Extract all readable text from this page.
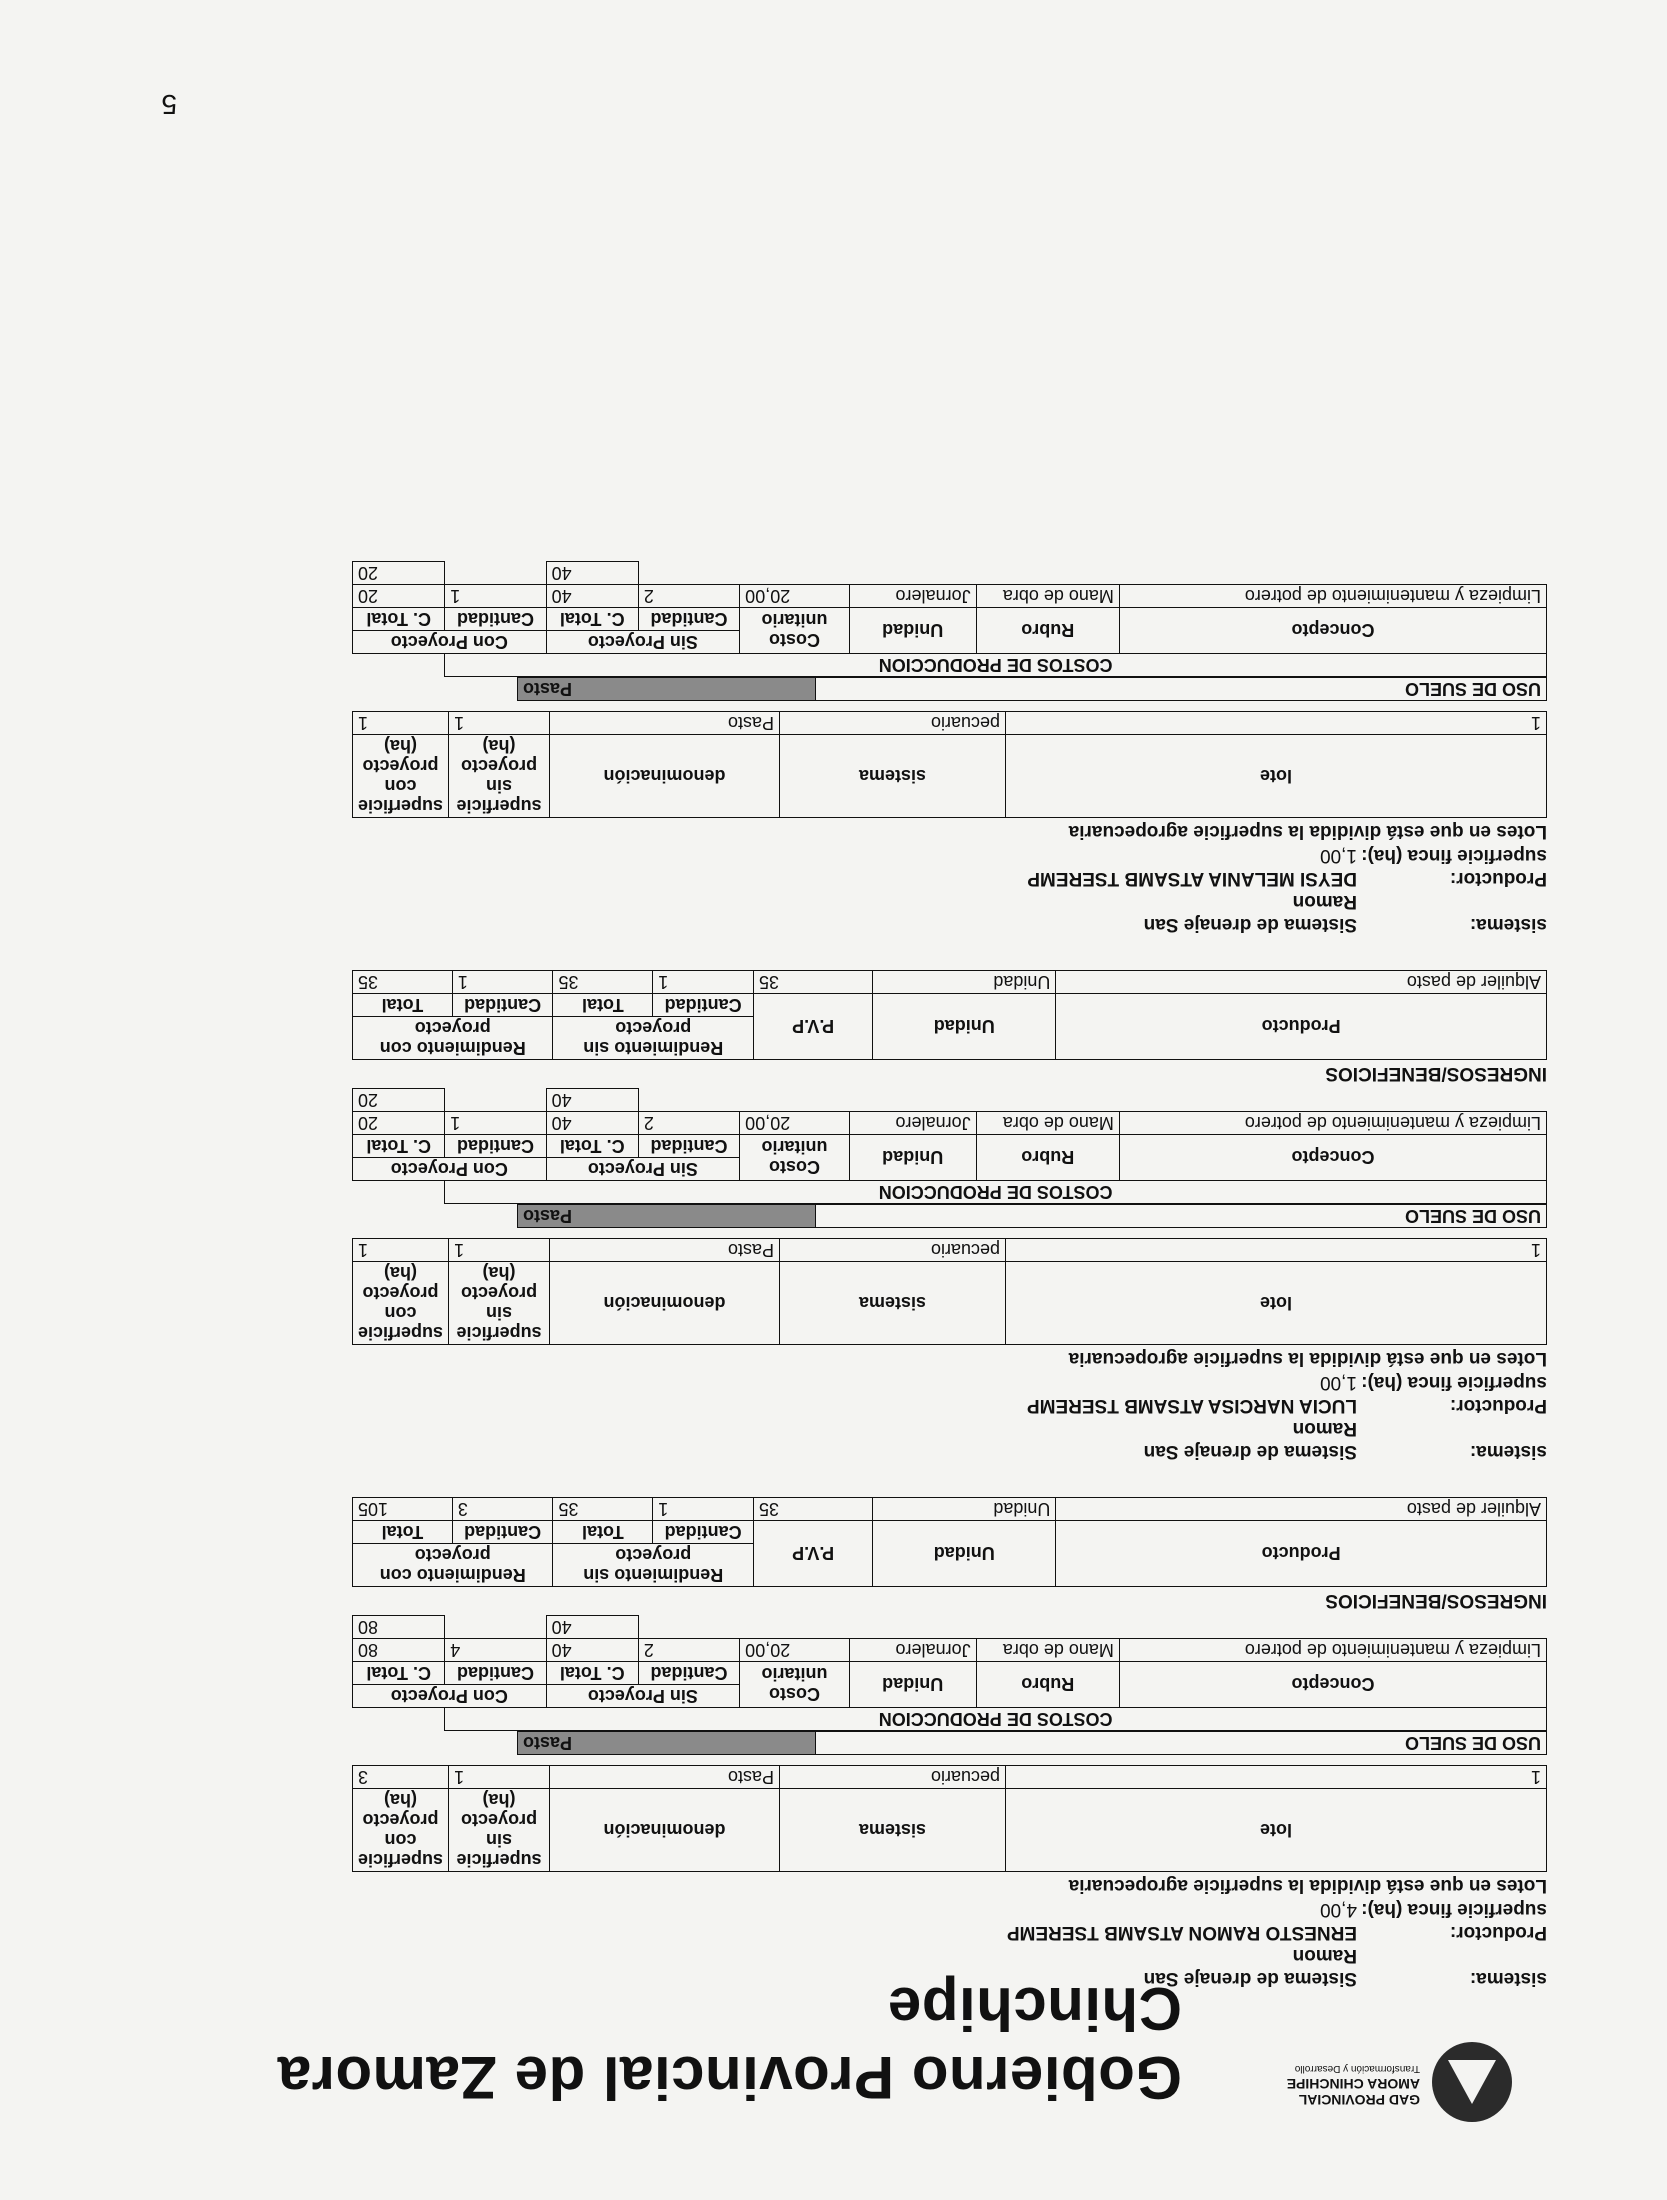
GAD PROVINCIAL
AMORA CHINCHIPE
Transformación y Desarrollo
Gobierno Provincial de Zamora Chinchipe	sistema:
Sistema de drenaje San
Ramon
Productor:
ERNESTO RAMON ATSAMB TSEREMP
superficie finca (ha):
4,00
Lotes en que está dividida la superficie agropecuaria
lote	sistema	denominación	superficie sin proyecto (ha)	superficie con proyecto (ha)
1	pecuario	Pasto	1	3
USO DE SUELO	Pasto
COSTOS DE PRODUCCION							
Concepto	Rubro	Unidad	Costo unitario	Sin Proyecto		Con Proyecto	
				Cantidad	C. Total	Cantidad	C. Total
Limpieza y mantenimiento de potrero	Mano de obra	Jornalero	20,00	2	40	4	80
					40		80
INGRESOS/BENEFICIOS
Producto	Unidad	P.V.P	Rendimiento sin proyecto		Rendimiento con proyecto	
			Cantidad	Total	Cantidad	Total
Alquiler de pasto	Unidad	35	1	35	3	105
sistema:
Sistema de drenaje San
Ramon
Productor:
LUCIA NARCISA ATSAMB TSEREMP
superficie finca (ha):
1,00
Lotes en que está dividida la superficie agropecuaria
lote	sistema	denominación	superficie sin proyecto (ha)	superficie con proyecto (ha)
1	pecuario	Pasto	1	1
USO DE SUELO	Pasto
COSTOS DE PRODUCCION							
Concepto	Rubro	Unidad	Costo unitario	Sin Proyecto		Con Proyecto	
				Cantidad	C. Total	Cantidad	C. Total
Limpieza y mantenimiento de potrero	Mano de obra	Jornalero	20,00	2	40	1	20
					40		20
INGRESOS/BENEFICIOS
Producto	Unidad	P.V.P	Rendimiento sin proyecto		Rendimiento con proyecto	
			Cantidad	Total	Cantidad	Total
Alquiler de pasto	Unidad	35	1	35	1	35
sistema:
Sistema de drenaje San
Ramon
Productor:
DEYSI MELANIA ATSAMB TSEREMP
superficie finca (ha):
1,00
Lotes en que está dividida la superficie agropecuaria
lote	sistema	denominación	superficie sin proyecto (ha)	superficie con proyecto (ha)
1	pecuario	Pasto	1	1
USO DE SUELO	Pasto
COSTOS DE PRODUCCION							
Concepto	Rubro	Unidad	Costo unitario	Sin Proyecto		Con Proyecto	
				Cantidad	C. Total	Cantidad	C. Total
Limpieza y mantenimiento de potrero	Mano de obra	Jornalero	20,00	2	40	1	20
					40		20
5
